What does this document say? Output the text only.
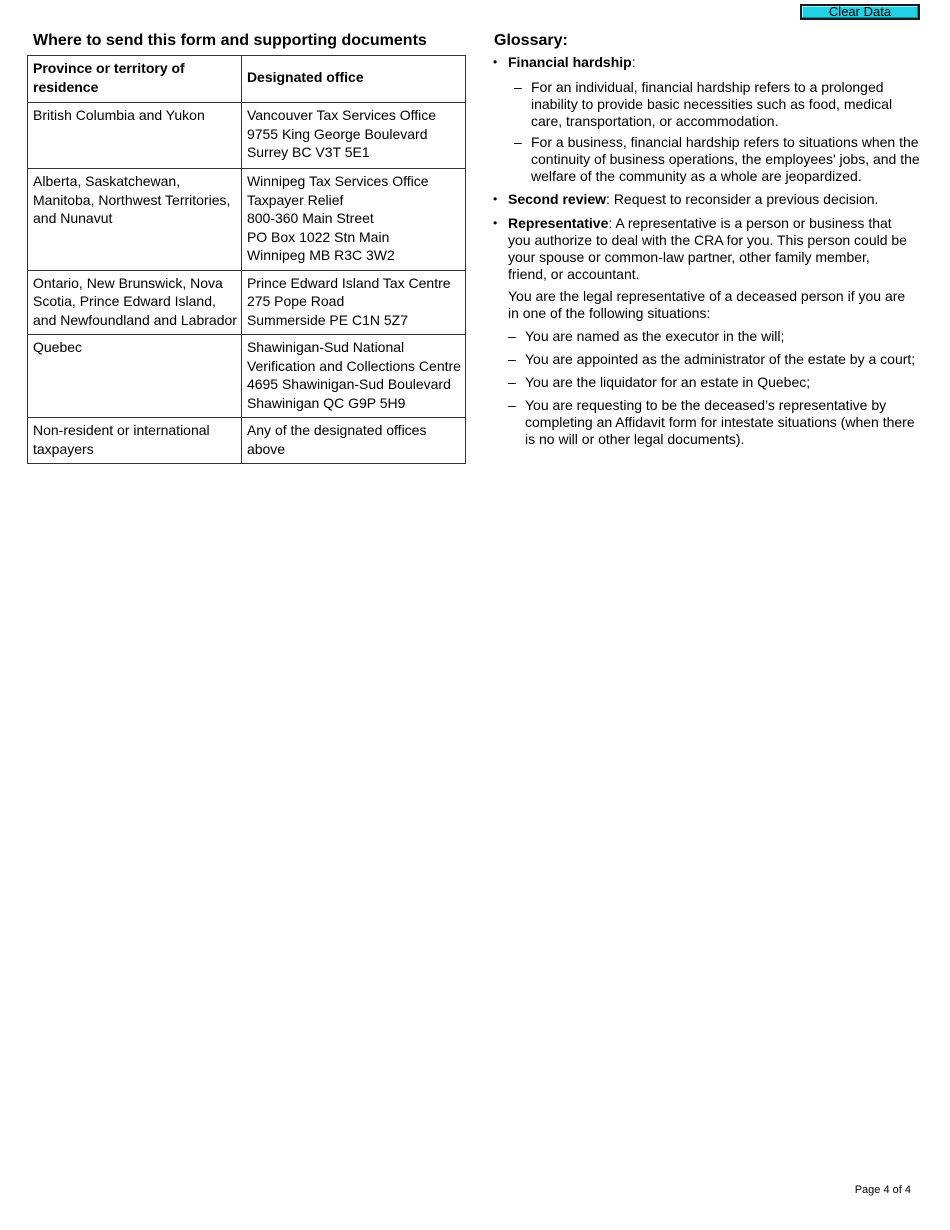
Clear Data
Where to send this form and supporting documents
Province or territory of
residence	Designated office

British Columbia and Yukon	Vancouver Tax Services Office
9755 King George Boulevard
Surrey BC V3T 5E1

Alberta, Saskatchewan,
Manitoba, Northwest Territories,
and Nunavut	Winnipeg Tax Services Office
Taxpayer Relief
800-360 Main Street
PO Box 1022 Stn Main
Winnipeg MB R3C 3W2

Ontario, New Brunswick, Nova
Scotia, Prince Edward Island,
and Newfoundland and Labrador	Prince Edward Island Tax Centre
275 Pope Road
Summerside PE C1N 5Z7

Quebec	Shawinigan-Sud National
Verification and Collections Centre
4695 Shawinigan-Sud Boulevard
Shawinigan QC G9P 5H9

Non-resident or international
taxpayers	Any of the designated offices
above
Glossary:
• Financial hardship:
– For an individual, financial hardship refers to a prolonged
inability to provide basic necessities such as food, medical
care, transportation, or accommodation.
– For a business, financial hardship refers to situations when the
continuity of business operations, the employees' jobs, and the
welfare of the community as a whole are jeopardized.
• Second review: Request to reconsider a previous decision.
• Representative: A representative is a person or business that
you authorize to deal with the CRA for you. This person could be
your spouse or common-law partner, other family member,
friend, or accountant.
You are the legal representative of a deceased person if you are
in one of the following situations:
– You are named as the executor in the will;
– You are appointed as the administrator of the estate by a court;
– You are the liquidator for an estate in Quebec;
– You are requesting to be the deceased’s representative by
completing an Affidavit form for intestate situations (when there
is no will or other legal documents).
Page 4 of 4
